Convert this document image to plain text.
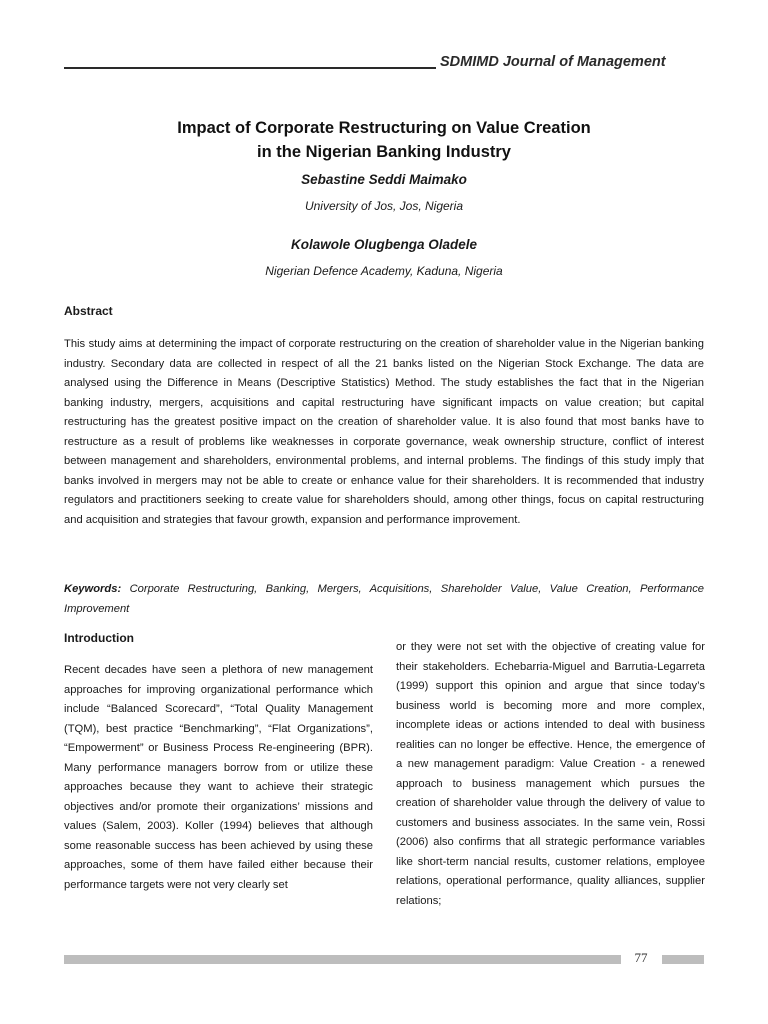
SDMIMD Journal of Management
Impact of Corporate Restructuring on Value Creation
in the Nigerian Banking Industry
Sebastine Seddi Maimako
University of Jos, Jos, Nigeria
Kolawole Olugbenga Oladele
Nigerian Defence Academy, Kaduna, Nigeria
Abstract
This study aims at determining the impact of corporate restructuring on the creation of shareholder value in the Nigerian banking industry. Secondary data are collected in respect of all the 21 banks listed on the Nigerian Stock Exchange. The data are analysed using the Difference in Means (Descriptive Statistics) Method. The study establishes the fact that in the Nigerian banking industry, mergers, acquisitions and capital restructuring have significant impacts on value creation; but capital restructuring has the greatest positive impact on the creation of shareholder value. It is also found that most banks have to restructure as a result of problems like weaknesses in corporate governance, weak ownership structure, conflict of interest between management and shareholders, environmental problems, and internal problems. The findings of this study imply that banks involved in mergers may not be able to create or enhance value for their shareholders. It is recommended that industry regulators and practitioners seeking to create value for shareholders should, among other things, focus on capital restructuring and acquisition and strategies that favour growth, expansion and performance improvement.
Keywords: Corporate Restructuring, Banking, Mergers, Acquisitions, Shareholder Value, Value Creation, Performance Improvement
Introduction
Recent decades have seen a plethora of new management approaches for improving organizational performance which include “Balanced Scorecard”, “Total Quality Management (TQM), best practice “Benchmarking”, “Flat Organizations”, “Empowerment” or Business Process Re-engineering (BPR). Many performance managers borrow from or utilize these approaches because they want to achieve their strategic objectives and/or promote their organizations’ missions and values (Salem, 2003). Koller (1994) believes that although some reasonable success has been achieved by using these approaches, some of them have failed either because their performance targets were not very clearly set
or they were not set with the objective of creating value for their stakeholders. Echebarria-Miguel and Barrutia-Legarreta (1999) support this opinion and argue that since today’s business world is becoming more and more complex, incomplete ideas or actions intended to deal with business realities can no longer be effective. Hence, the emergence of a new management paradigm: Value Creation - a renewed approach to business management which pursues the creation of shareholder value through the delivery of value to customers and business associates. In the same vein, Rossi (2006) also confirms that all strategic performance variables like short-term nancial results, customer relations, employee relations, operational performance, quality alliances, supplier relations;
77
